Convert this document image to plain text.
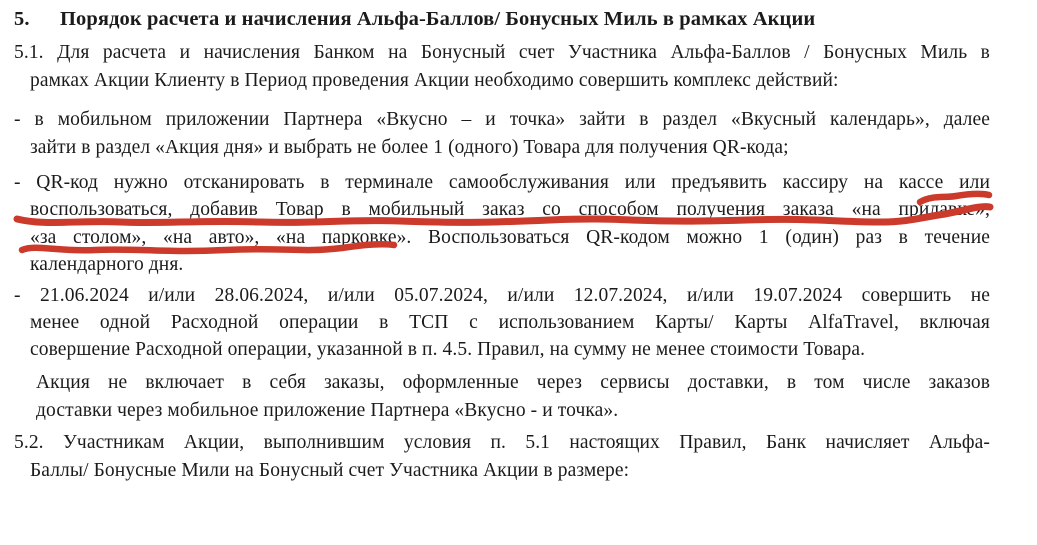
5. Порядок расчета и начисления Альфа-Баллов/ Бонусных Миль в рамках Акции
5.1. Для расчета и начисления Банком на Бонусный счет Участника Альфа-Баллов / Бонусных Миль в
рамках Акции Клиенту в Период проведения Акции необходимо совершить комплекс действий:
- в мобильном приложении Партнера «Вкусно – и точка» зайти в раздел «Вкусный календарь», далее
зайти в раздел «Акция дня» и выбрать не более 1 (одного) Товара для получения QR-кода;
- QR-код нужно отсканировать в терминале самообслуживания или предъявить кассиру на кассе или
воспользоваться, добавив Товар в мобильный заказ со способом получения заказа «на прилавке»,
«за столом», «на авто», «на парковке». Воспользоваться QR-кодом можно 1 (один) раз в течение
календарного дня.
- 21.06.2024 и/или 28.06.2024, и/или 05.07.2024, и/или 12.07.2024, и/или 19.07.2024 совершить не
менее одной Расходной операции в ТСП с использованием Карты/ Карты AlfaTravel, включая
совершение Расходной операции, указанной в п. 4.5. Правил, на сумму не менее стоимости Товара.
Акция не включает в себя заказы, оформленные через сервисы доставки, в том числе заказов
доставки через мобильное приложение Партнера «Вкусно - и точка».
5.2. Участникам Акции, выполнившим условия п. 5.1 настоящих Правил, Банк начисляет Альфа-
Баллы/ Бонусные Мили на Бонусный счет Участника Акции в размере:
